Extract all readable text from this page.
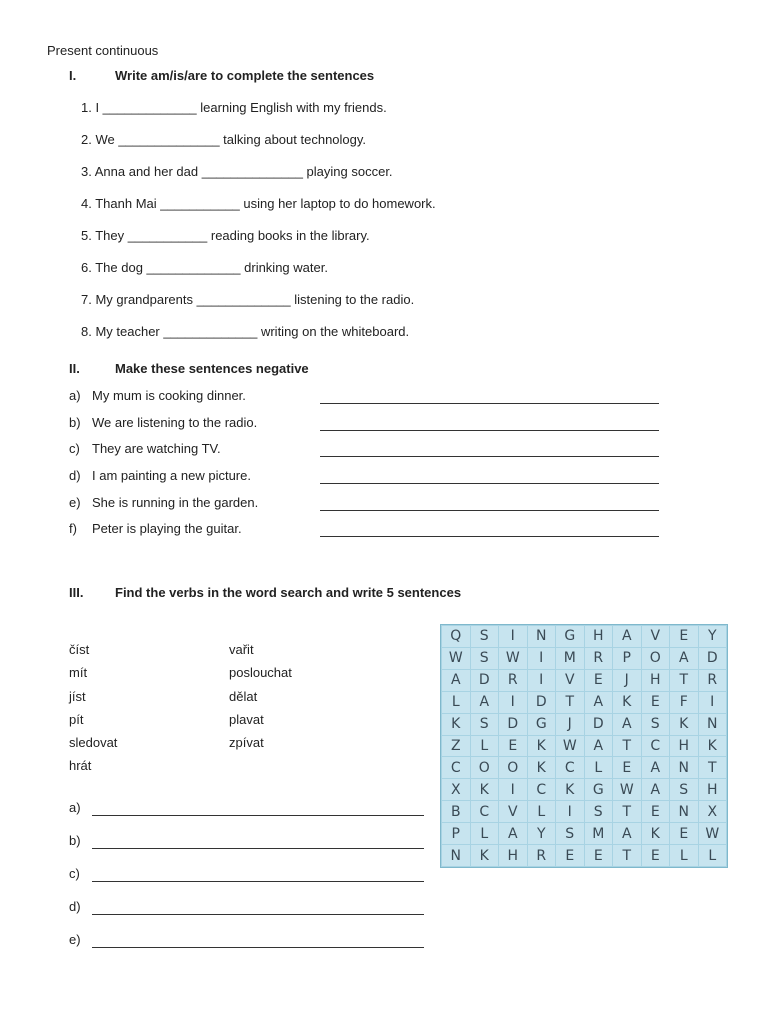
Present continuous
I.	Write am/is/are to complete the sentences
1. I _____________ learning English with my friends.
2. We ______________ talking about technology.
3. Anna and her dad ______________ playing soccer.
4. Thanh Mai ___________ using her laptop to do homework.
5. They ___________ reading books in the library.
6. The dog _____________ drinking water.
7. My grandparents _____________ listening to the radio.
8. My teacher _____________ writing on the whiteboard.
II.	Make these sentences negative
a) My mum is cooking dinner.
b) We are listening to the radio.
c) They are watching TV.
d) I am painting a new picture.
e) She is running in the garden.
f) Peter is playing the guitar.
III. Find the verbs in the word search and write 5 sentences
číst
mít
jíst
pít
sledovat
hrát
vařit
poslouchat
dělat
plavat
zpívat
a)
b)
c)
d)
e)
Q	S	I	N	G	H	A	V	E	Y
W	S	W	I	M	R	P	O	A	D
A	D	R	I	V	E	J	H	T	R
L	A	I	D	T	A	K	E	F	I
K	S	D	G	J	D	A	S	K	N
Z	L	E	K	W	A	T	C	H	K
C	O	O	K	C	L	E	A	N	T
X	K	I	C	K	G	W	A	S	H
B	C	V	L	I	S	T	E	N	X
P	L	A	Y	S	M	A	K	E	W
N	K	H	R	E	E	T	E	L	L
